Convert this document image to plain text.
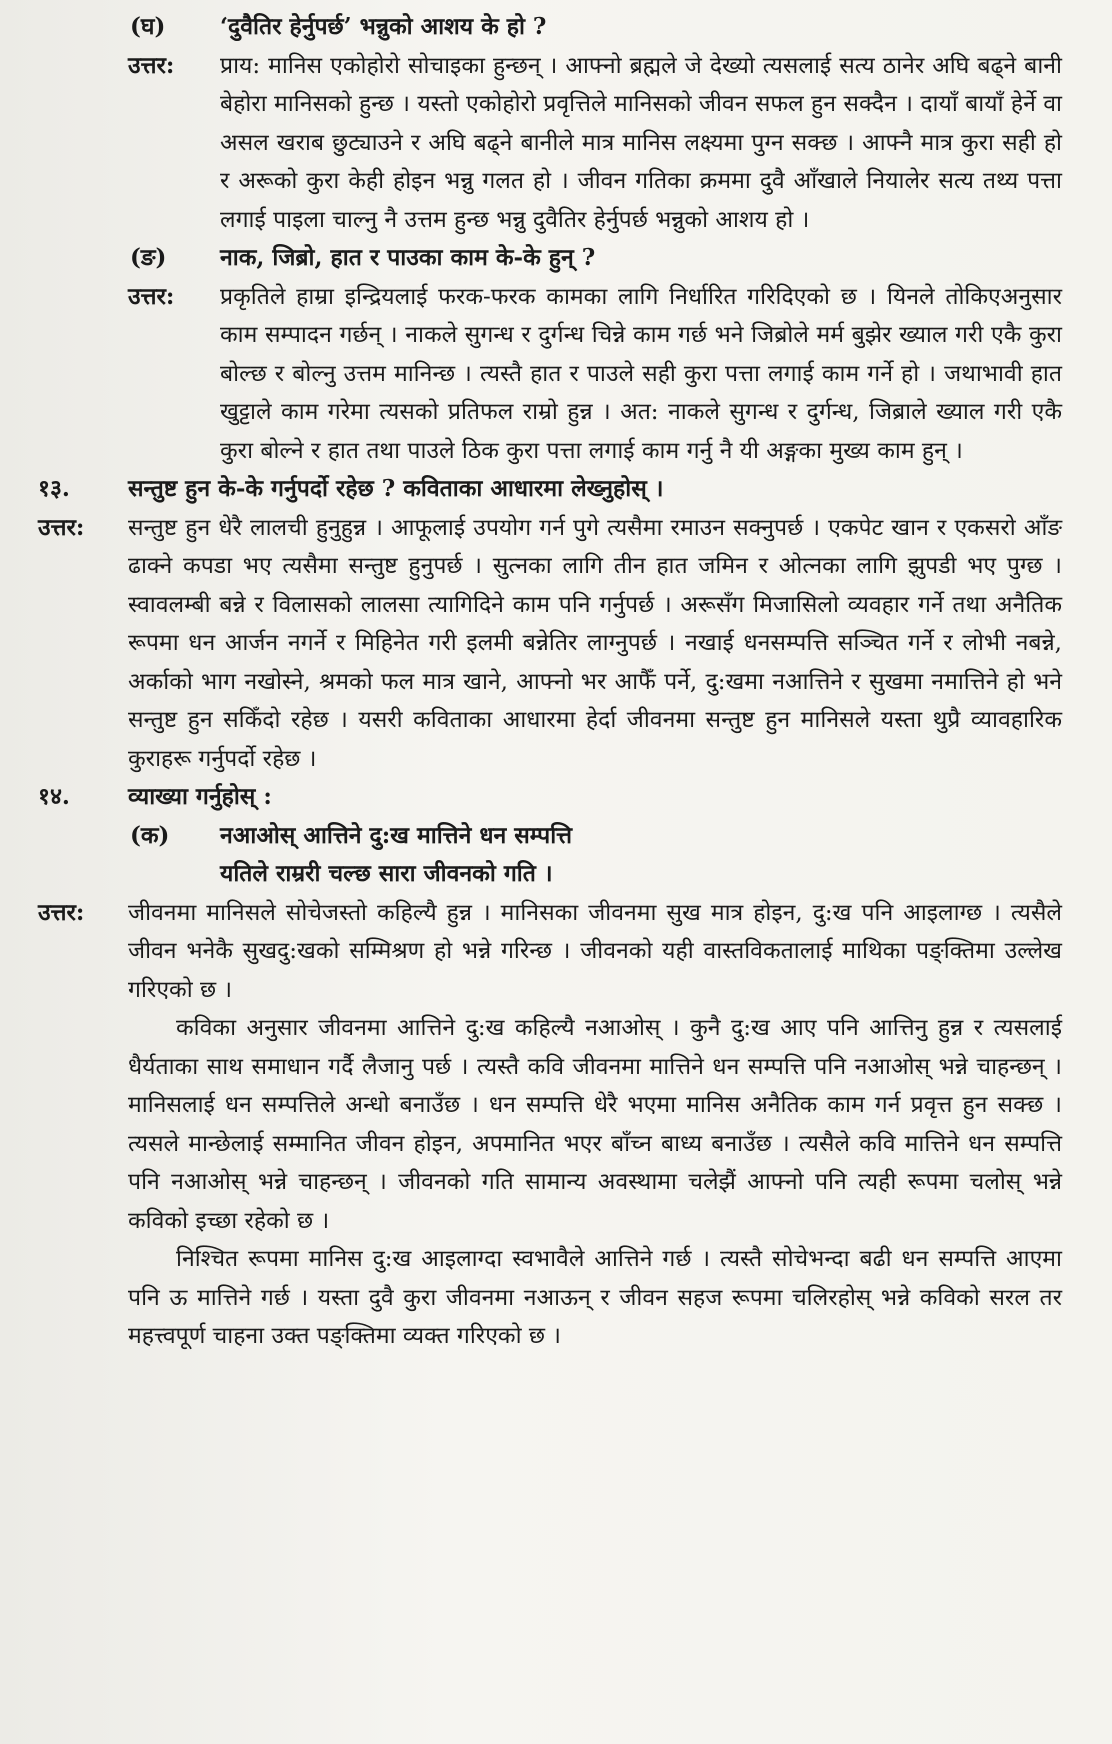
(घ)	‘दुवैतिर हेर्नुपर्छ’ भन्नुको आशय के हो ?
उत्तर:	प्राय: मानिस एकोहोरो सोचाइका हुन्छन् । आफ्नो ब्रह्मले जे देख्यो त्यसलाई सत्य ठानेर अघि बढ्ने बानी बेहोरा मानिसको हुन्छ । यस्तो एकोहोरो प्रवृत्तिले मानिसको जीवन सफल हुन सक्दैन । दायाँ बायाँ हेर्ने वा असल खराब छुट्याउने र अघि बढ्ने बानीले मात्र मानिस लक्ष्यमा पुग्न सक्छ । आफ्नै मात्र कुरा सही हो र अरूको कुरा केही होइन भन्नु गलत हो । जीवन गतिका क्रममा दुवै आँखाले नियालेर सत्य तथ्य पत्ता लगाई पाइला चाल्नु नै उत्तम हुन्छ भन्नु दुवैतिर हेर्नुपर्छ भन्नुको आशय हो ।
(ङ)	नाक, जिब्रो, हात र पाउका काम के-के हुन् ?
उत्तर:	प्रकृतिले हाम्रा इन्द्रियलाई फरक-फरक कामका लागि निर्धारित गरिदिएको छ । यिनले तोकिएअनुसार काम सम्पादन गर्छन् । नाकले सुगन्ध र दुर्गन्ध चिन्ने काम गर्छ भने जिब्रोले मर्म बुझेर ख्याल गरी एकै कुरा बोल्छ र बोल्नु उत्तम मानिन्छ । त्यस्तै हात र पाउले सही कुरा पत्ता लगाई काम गर्ने हो । जथाभावी हात खुट्टाले काम गरेमा त्यसको प्रतिफल राम्रो हुन्न । अत: नाकले सुगन्ध र दुर्गन्ध, जिब्राले ख्याल गरी एकै कुरा बोल्ने र हात तथा पाउले ठिक कुरा पत्ता लगाई काम गर्नु नै यी अङ्गका मुख्य काम हुन् ।
१३.	सन्तुष्ट हुन के-के गर्नुपर्दो रहेछ ? कविताका आधारमा लेख्नुहोस् ।
उत्तर:	सन्तुष्ट हुन धेरै लालची हुनुहुन्न । आफूलाई उपयोग गर्न पुगे त्यसैमा रमाउन सक्नुपर्छ । एकपेट खान र एकसरो आँङ ढाक्ने कपडा भए त्यसैमा सन्तुष्ट हुनुपर्छ । सुत्नका लागि तीन हात जमिन र ओत्नका लागि झुपडी भए पुग्छ । स्वावलम्बी बन्ने र विलासको लालसा त्यागिदिने काम पनि गर्नुपर्छ । अरूसँग मिजासिलो व्यवहार गर्ने तथा अनैतिक रूपमा धन आर्जन नगर्ने र मिहिनेत गरी इलमी बन्नेतिर लाग्नुपर्छ । नखाई धनसम्पत्ति सञ्चित गर्ने र लोभी नबन्ने, अर्काको भाग नखोस्ने, श्रमको फल मात्र खाने, आफ्नो भर आफैँ पर्ने, दु:खमा नआत्तिने र सुखमा नमात्तिने हो भने सन्तुष्ट हुन सकिँदो रहेछ । यसरी कविताका आधारमा हेर्दा जीवनमा सन्तुष्ट हुन मानिसले यस्ता थुप्रै व्यावहारिक कुराहरू गर्नुपर्दो रहेछ ।
१४.	व्याख्या गर्नुहोस् :
(क)	नआओस् आत्तिने दु:ख मात्तिने धन सम्पत्ति
यतिले राम्ररी चल्छ सारा जीवनको गति ।
उत्तर:	जीवनमा मानिसले सोचेजस्तो कहिल्यै हुन्न । मानिसका जीवनमा सुख मात्र होइन, दु:ख पनि आइलाग्छ । त्यसैले जीवन भनेकै सुखदु:खको सम्मिश्रण हो भन्ने गरिन्छ । जीवनको यही वास्तविकतालाई माथिका पङ्क्तिमा उल्लेख गरिएको छ ।
कविका अनुसार जीवनमा आत्तिने दु:ख कहिल्यै नआओस् । कुनै दु:ख आए पनि आत्तिनु हुन्न र त्यसलाई धैर्यताका साथ समाधान गर्दै लैजानु पर्छ । त्यस्तै कवि जीवनमा मात्तिने धन सम्पत्ति पनि नआओस् भन्ने चाहन्छन् । मानिसलाई धन सम्पत्तिले अन्धो बनाउँछ । धन सम्पत्ति धेरै भएमा मानिस अनैतिक काम गर्न प्रवृत्त हुन सक्छ । त्यसले मान्छेलाई सम्मानित जीवन होइन, अपमानित भएर बाँच्न बाध्य बनाउँछ । त्यसैले कवि मात्तिने धन सम्पत्ति पनि नआओस् भन्ने चाहन्छन् । जीवनको गति सामान्य अवस्थामा चलेझैं आफ्नो पनि त्यही रूपमा चलोस् भन्ने कविको इच्छा रहेको छ ।
निश्चित रूपमा मानिस दु:ख आइलाग्दा स्वभावैले आत्तिने गर्छ । त्यस्तै सोचेभन्दा बढी धन सम्पत्ति आएमा पनि ऊ मात्तिने गर्छ । यस्ता दुवै कुरा जीवनमा नआऊन् र जीवन सहज रूपमा चलिरहोस् भन्ने कविको सरल तर महत्त्वपूर्ण चाहना उक्त पङ्क्तिमा व्यक्त गरिएको छ ।
